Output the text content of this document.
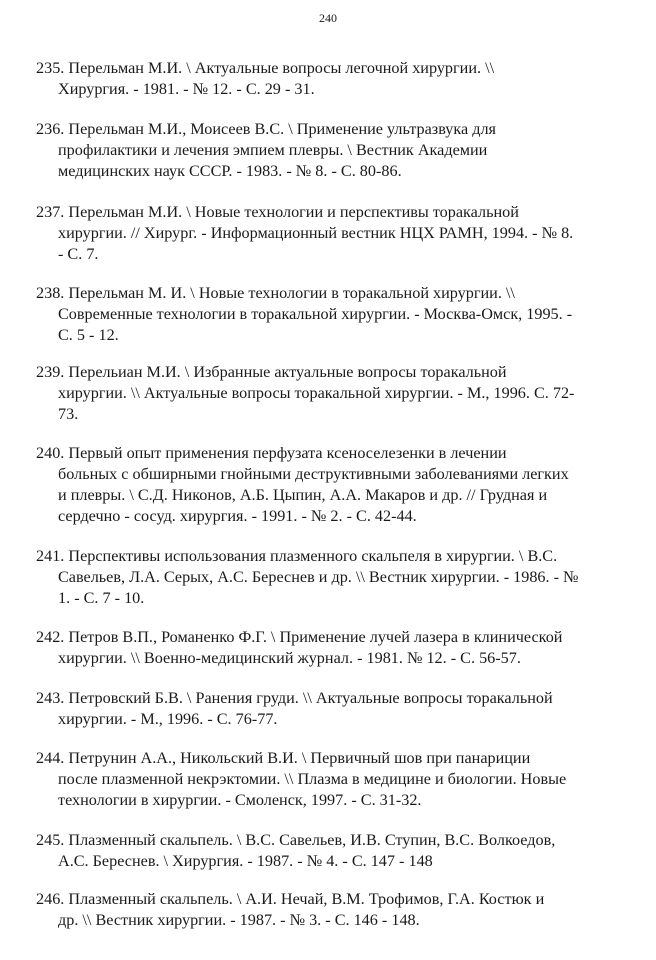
240
235. Перельман М.И. \ Актуальные вопросы легочной хирургии. \\
Хирургия. - 1981. - № 12. - С. 29 - 31.
236. Перельман М.И., Моисеев В.С. \ Применение ультразвука для
профилактики и лечения эмпием плевры. \ Вестник Академии
медицинских наук СССР. - 1983. - № 8. - С. 80-86.
237. Перельман М.И. \ Новые технологии и перспективы торакальной
хирургии. // Хирург. - Информационный вестник НЦХ РАМН, 1994. - № 8.
- С. 7.
238. Перельман М. И. \ Новые технологии в торакальной хирургии. \\
Современные технологии в торакальной хирургии. - Москва-Омск, 1995. -
С. 5 - 12.
239. Перельиан М.И. \ Избранные актуальные вопросы торакальной
хирургии. \\ Актуальные вопросы торакальной хирургии. - М., 1996. С. 72-
73.
240. Первый опыт применения перфузата ксеноселезенки в лечении
больных с обширными гнойными деструктивными заболеваниями легких
и плевры. \ С.Д. Никонов, А.Б. Цыпин, А.А. Макаров и др. // Грудная и
сердечно - сосуд. хирургия. - 1991. - № 2. - С. 42-44.
241. Перспективы использования плазменного скальпеля в хирургии. \ В.С.
Савельев, Л.А. Серых, А.С. Береснев и др. \\ Вестник хирургии. - 1986. - №
1. - С. 7 - 10.
242. Петров В.П., Романенко Ф.Г. \ Применение лучей лазера в клинической
хирургии. \\ Военно-медицинский журнал. - 1981. № 12. - С. 56-57.
243. Петровский Б.В. \ Ранения груди. \\ Актуальные вопросы торакальной
хирургии. - М., 1996. - С. 76-77.
244. Петрунин А.А., Никольский В.И. \ Первичный шов при панариции
после плазменной некрэктомии. \\ Плазма в медицине и биологии. Новые
технологии в хирургии. - Смоленск, 1997. - С. 31-32.
245. Плазменный скальпель. \ В.С. Савельев, И.В. Ступин, В.С. Волкоедов,
А.С. Береснев. \ Хирургия. - 1987. - № 4. - С. 147 - 148
246. Плазменный скальпель. \ А.И. Нечай, В.М. Трофимов, Г.А. Костюк и
др. \\ Вестник хирургии. - 1987. - № 3. - С. 146 - 148.
